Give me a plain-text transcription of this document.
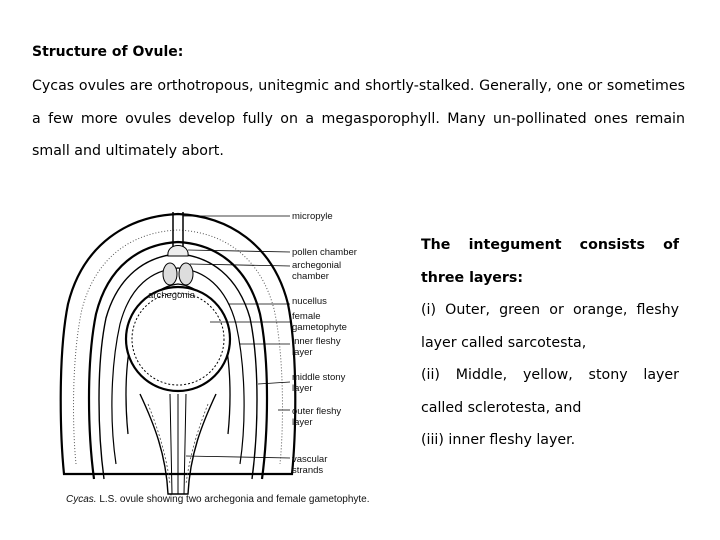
Structure of Ovule:

Cycas ovules are orthotropous, unitegmic and shortly-stalked. Generally, one or sometimes a few more ovules develop fully on a megasporophyll. Many un-pollinated ones remain small and ultimately abort.

micropyle
pollen chamber
archegonial
chamber
archegonia
nucellus
female
gametophyte
inner fleshy
layer
middle stony
layer
outer fleshy
layer
vascular
strands
Cycas. L.S. ovule showing two archegonia and female gametophyte.

The integument consists of three layers:

(i) Outer, green or orange, fleshy layer called sarcotesta,

(ii) Middle, yellow, stony layer called sclerotesta, and

(iii) inner fleshy layer.
